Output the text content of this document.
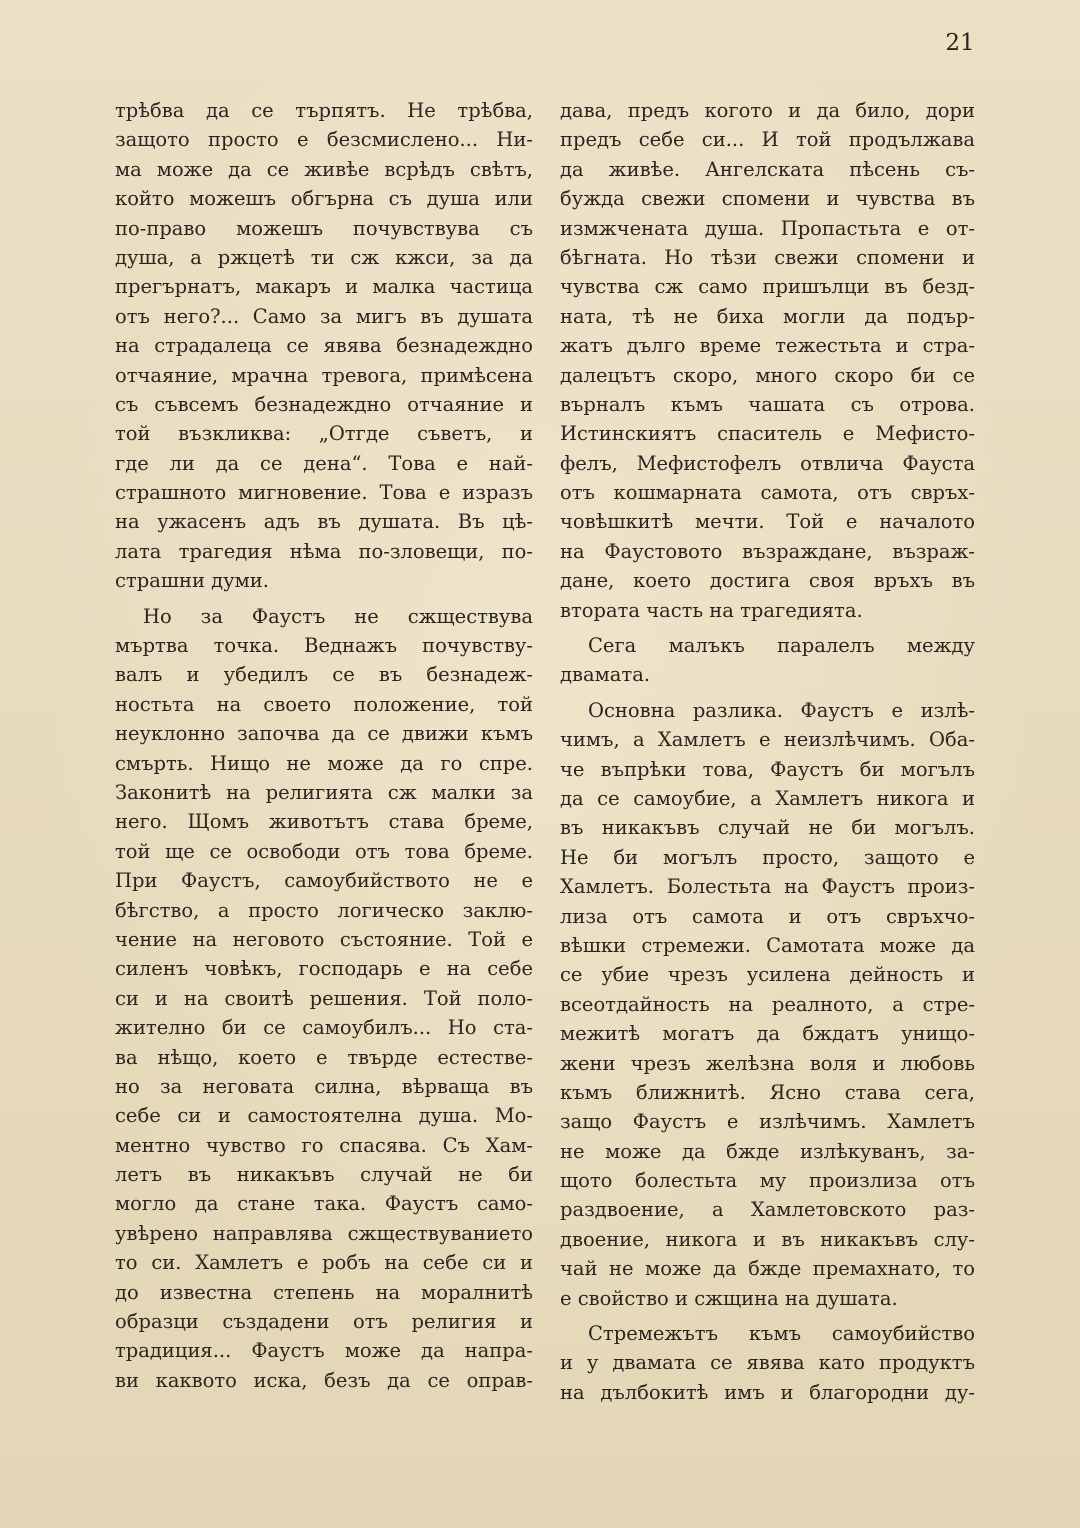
21
трѣбва да се търпятъ. Не трѣбва,
защото просто е безсмислено... Ни-
ма може да се живѣе всрѣдъ свѣтъ,
който можешъ обгърна съ душа или
по-право можешъ почувствува съ
душа, а ржцетѣ ти сж кжси, за да
прегърнатъ, макаръ и малка частица
отъ него?... Само за мигъ въ душата
на страдалеца се явява безнадеждно
отчаяние, мрачна тревога, примѣсена
съ съвсемъ безнадеждно отчаяние и
той възкликва: „Отгде съветъ, и
где ли да се дена“. Това е най-
страшното мигновение. Това е изразъ
на ужасенъ адъ въ душата. Въ цѣ-
лата трагедия нѣма по-зловещи, по-
страшни думи.
Но за Фаустъ не сжществува
мъртва точка. Веднажъ почувству-
валъ и убедилъ се въ безнадеж-
ностьта на своето положение, той
неуклонно започва да се движи къмъ
смърть. Нищо не може да го спре.
Законитѣ на религията сж малки за
него. Щомъ животътъ става бреме,
той ще се освободи отъ това бреме.
При Фаустъ, самоубийството не е
бѣгство, а просто логическо заклю-
чение на неговото състояние. Той е
силенъ човѣкъ, господарь е на себе
си и на своитѣ решения. Той поло-
жително би се самоубилъ... Но ста-
ва нѣщо, което е твърде естестве-
но за неговата силна, вѣрваща въ
себе си и самостоятелна душа. Мо-
ментно чувство го спасява. Съ Хам-
летъ въ никакъвъ случай не би
могло да стане така. Фаустъ само-
увѣрено направлява сжществуванието
то си. Хамлетъ е робъ на себе си и
до известна степень на моралнитѣ
образци създадени отъ религия и
традиция... Фаустъ може да напра-
ви каквото иска, безъ да се оправ-
дава, предъ когото и да било, дори
предъ себе си... И той продължава
да живѣе. Ангелската пѣсень съ-
бужда свежи спомени и чувства въ
измжчената душа. Пропастьта е от-
бѣгната. Но тѣзи свежи спомени и
чувства сж само пришълци въ безд-
ната, тѣ не биха могли да подър-
жатъ дълго време тежестьта и стра-
далецътъ скоро, много скоро би се
върналъ къмъ чашата съ отрова.
Истинскиятъ спаситель е Мефисто-
фелъ, Мефистофелъ отвлича Фауста
отъ кошмарната самота, отъ свръх-
човѣшкитѣ мечти. Той е началото
на Фаустовото възраждане, възраж-
дане, което достига своя връхъ въ
втората часть на трагедията.
Сега малъкъ паралелъ между
двамата.
Основна разлика. Фаустъ е излѣ-
чимъ, а Хамлетъ е неизлѣчимъ. Оба-
че въпрѣки това, Фаустъ би могълъ
да се самоубие, а Хамлетъ никога и
въ никакъвъ случай не би могълъ.
Не би могълъ просто, защото е
Хамлетъ. Болестьта на Фаустъ произ-
лиза отъ самота и отъ свръхчо-
вѣшки стремежи. Самотата може да
се убие чрезъ усилена дейность и
всеотдайность на реалното, а стре-
межитѣ могатъ да бждатъ унищо-
жени чрезъ желѣзна воля и любовь
къмъ ближнитѣ. Ясно става сега,
защо Фаустъ е излѣчимъ. Хамлетъ
не може да бжде излѣкуванъ, за-
щото болестьта му произлиза отъ
раздвоение, а Хамлетовското раз-
двоение, никога и въ никакъвъ слу-
чай не може да бжде премахнато, то
е свойство и сжщина на душата.
Стремежътъ къмъ самоубийство
и у двамата се явява като продуктъ
на дълбокитѣ имъ и благородни ду-
